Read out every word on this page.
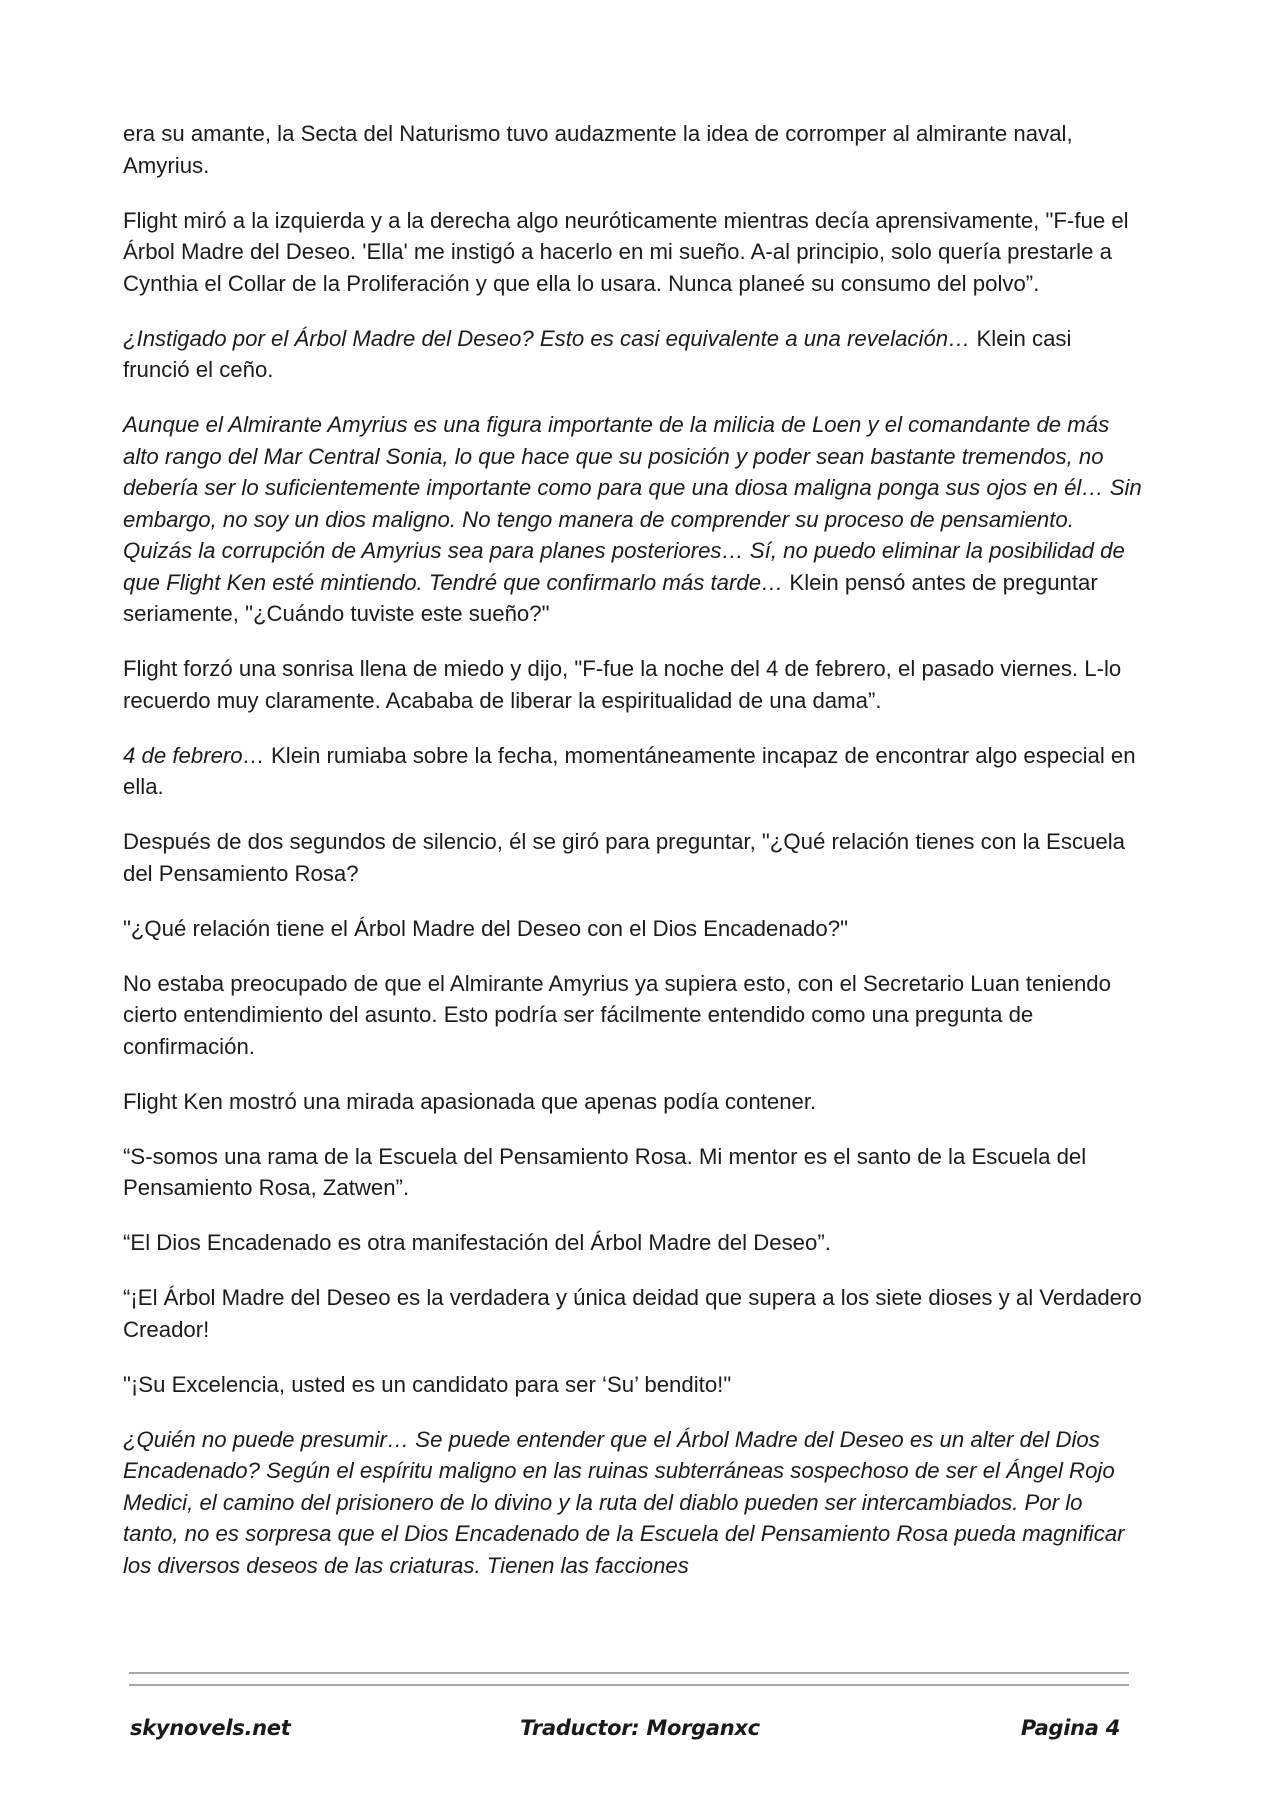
era su amante, la Secta del Naturismo tuvo audazmente la idea de corromper al almirante naval, Amyrius.

Flight miró a la izquierda y a la derecha algo neuróticamente mientras decía aprensivamente, "F-fue el Árbol Madre del Deseo. 'Ella' me instigó a hacerlo en mi sueño. A-al principio, solo quería prestarle a Cynthia el Collar de la Proliferación y que ella lo usara. Nunca planeé su consumo del polvo”.

¿Instigado por el Árbol Madre del Deseo? Esto es casi equivalente a una revelación… Klein casi frunció el ceño.

Aunque el Almirante Amyrius es una figura importante de la milicia de Loen y el comandante de más alto rango del Mar Central Sonia, lo que hace que su posición y poder sean bastante tremendos, no debería ser lo suficientemente importante como para que una diosa maligna ponga sus ojos en él… Sin embargo, no soy un dios maligno. No tengo manera de comprender su proceso de pensamiento. Quizás la corrupción de Amyrius sea para planes posteriores… Sí, no puedo eliminar la posibilidad de que Flight Ken esté mintiendo. Tendré que confirmarlo más tarde… Klein pensó antes de preguntar seriamente, "¿Cuándo tuviste este sueño?"

Flight forzó una sonrisa llena de miedo y dijo, "F-fue la noche del 4 de febrero, el pasado viernes. L-lo recuerdo muy claramente. Acababa de liberar la espiritualidad de una dama”.

4 de febrero… Klein rumiaba sobre la fecha, momentáneamente incapaz de encontrar algo especial en ella.

Después de dos segundos de silencio, él se giró para preguntar, "¿Qué relación tienes con la Escuela del Pensamiento Rosa?

"¿Qué relación tiene el Árbol Madre del Deseo con el Dios Encadenado?"

No estaba preocupado de que el Almirante Amyrius ya supiera esto, con el Secretario Luan teniendo cierto entendimiento del asunto. Esto podría ser fácilmente entendido como una pregunta de confirmación.

Flight Ken mostró una mirada apasionada que apenas podía contener.

“S-somos una rama de la Escuela del Pensamiento Rosa. Mi mentor es el santo de la Escuela del Pensamiento Rosa, Zatwen”.

“El Dios Encadenado es otra manifestación del Árbol Madre del Deseo”.

“¡El Árbol Madre del Deseo es la verdadera y única deidad que supera a los siete dioses y al Verdadero Creador!

"¡Su Excelencia, usted es un candidato para ser ‘Su’ bendito!"

¿Quién no puede presumir… Se puede entender que el Árbol Madre del Deseo es un alter del Dios Encadenado? Según el espíritu maligno en las ruinas subterráneas sospechoso de ser el Ángel Rojo Medici, el camino del prisionero de lo divino y la ruta del diablo pueden ser intercambiados. Por lo tanto, no es sorpresa que el Dios Encadenado de la Escuela del Pensamiento Rosa pueda magnificar los diversos deseos de las criaturas. Tienen las facciones

skynovels.net	Traductor: Morganxc	Pagina 4
